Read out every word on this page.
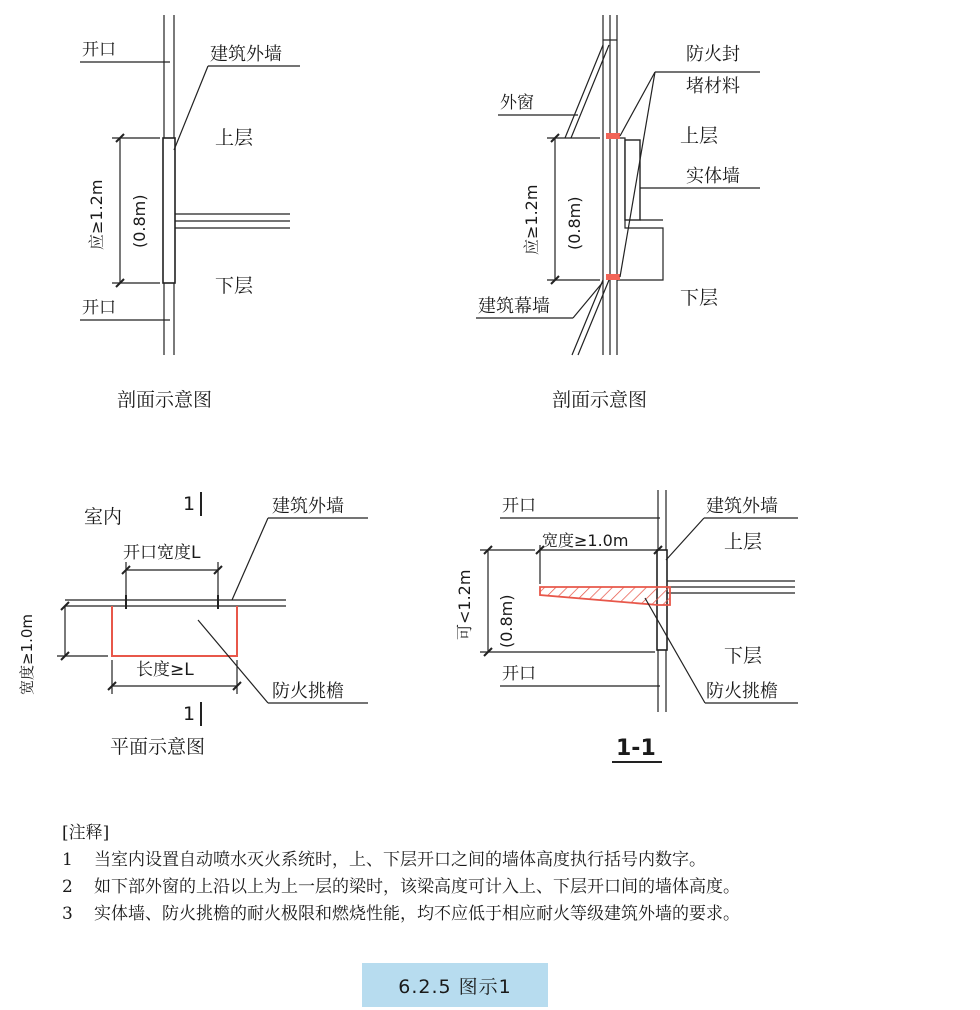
开口	建筑外墙
上层
下层
开口
应≥1.2m (0.8m)
剖面示意图
防火封
堵材料
外窗
上层
实体墙
应≥1.2m (0.8m)
建筑幕墙	下层
剖面示意图
室内
1
1
建筑外墙
开口宽度L
宽度≥1.0m	长度≥L
防火挑檐
平面示意图
开口	建筑外墙
宽度≥1.0m	上层
可<1.2m (0.8m)
下层
开口
防火挑檐
1-1
[注释]
1	当室内设置自动喷水灭火系统时，上、下层开口之间的墙体高度执行括号内数字。
2	如下部外窗的上沿以上为上一层的梁时，该梁高度可计入上、下层开口间的墙体高度。
3	实体墙、防火挑檐的耐火极限和燃烧性能，均不应低于相应耐火等级建筑外墙的要求。
6.2.5 图示1
